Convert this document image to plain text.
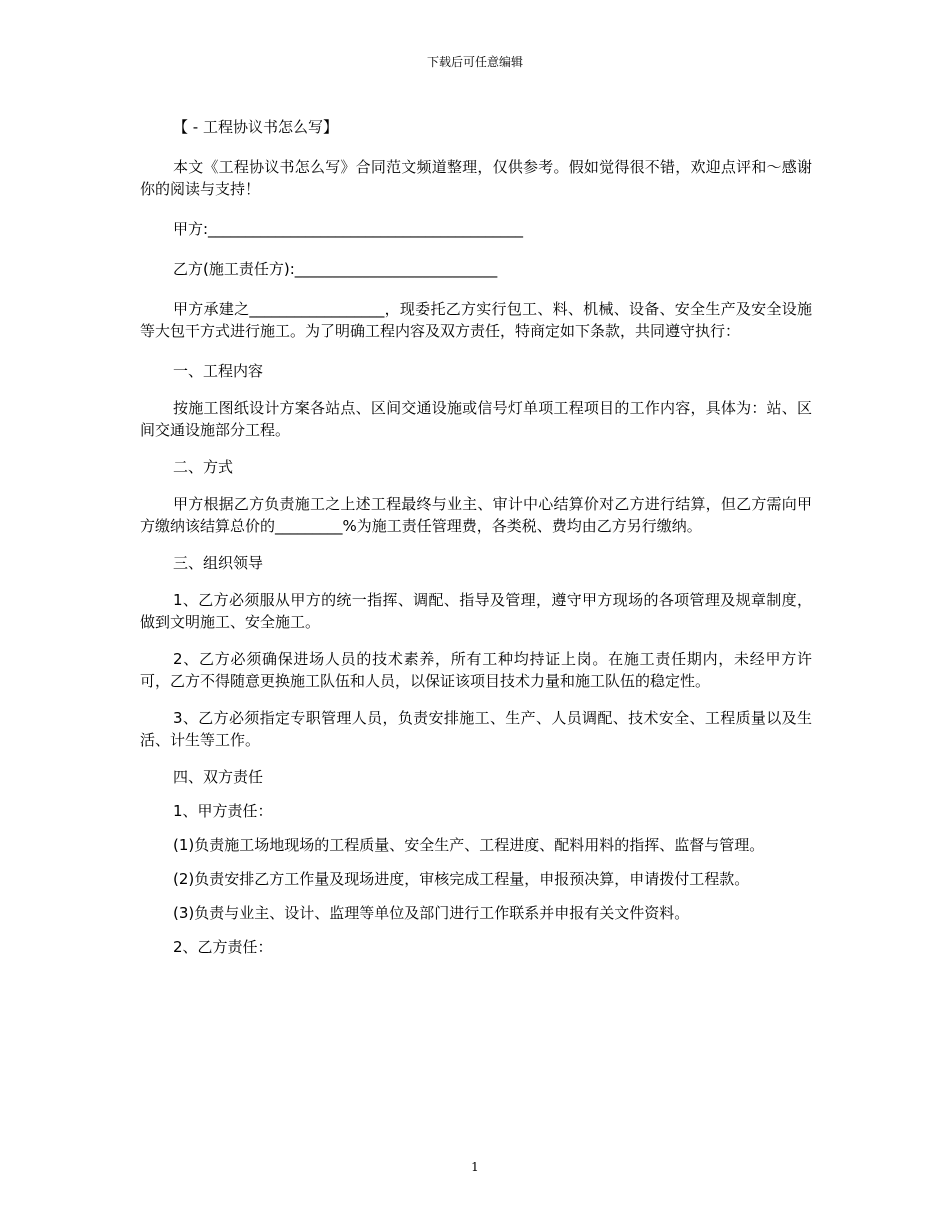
下载后可任意编辑

【 - 工程协议书怎么写】

本文《工程协议书怎么写》合同范文频道整理，仅供参考。假如觉得很不错，欢迎点评和～感谢你的阅读与支持！

甲方:__________________________________________

乙方(施工责任方):___________________________

甲方承建之__________________，现委托乙方实行包工、料、机械、设备、安全生产及安全设施等大包干方式进行施工。为了明确工程内容及双方责任，特商定如下条款，共同遵守执行：

一、工程内容

按施工图纸设计方案各站点、区间交通设施或信号灯单项工程项目的工作内容，具体为：站、区间交通设施部分工程。

二、方式

甲方根据乙方负责施工之上述工程最终与业主、审计中心结算价对乙方进行结算，但乙方需向甲方缴纳该结算总价的_________%为施工责任管理费，各类税、费均由乙方另行缴纳。

三、组织领导

1、乙方必须服从甲方的统一指挥、调配、指导及管理，遵守甲方现场的各项管理及规章制度，做到文明施工、安全施工。

2、乙方必须确保进场人员的技术素养，所有工种均持证上岗。在施工责任期内，未经甲方许可，乙方不得随意更换施工队伍和人员，以保证该项目技术力量和施工队伍的稳定性。

3、乙方必须指定专职管理人员，负责安排施工、生产、人员调配、技术安全、工程质量以及生活、计生等工作。

四、双方责任

1、甲方责任：

(1)负责施工场地现场的工程质量、安全生产、工程进度、配料用料的指挥、监督与管理。

(2)负责安排乙方工作量及现场进度，审核完成工程量，申报预决算，申请拨付工程款。

(3)负责与业主、设计、监理等单位及部门进行工作联系并申报有关文件资料。

2、乙方责任：

1
